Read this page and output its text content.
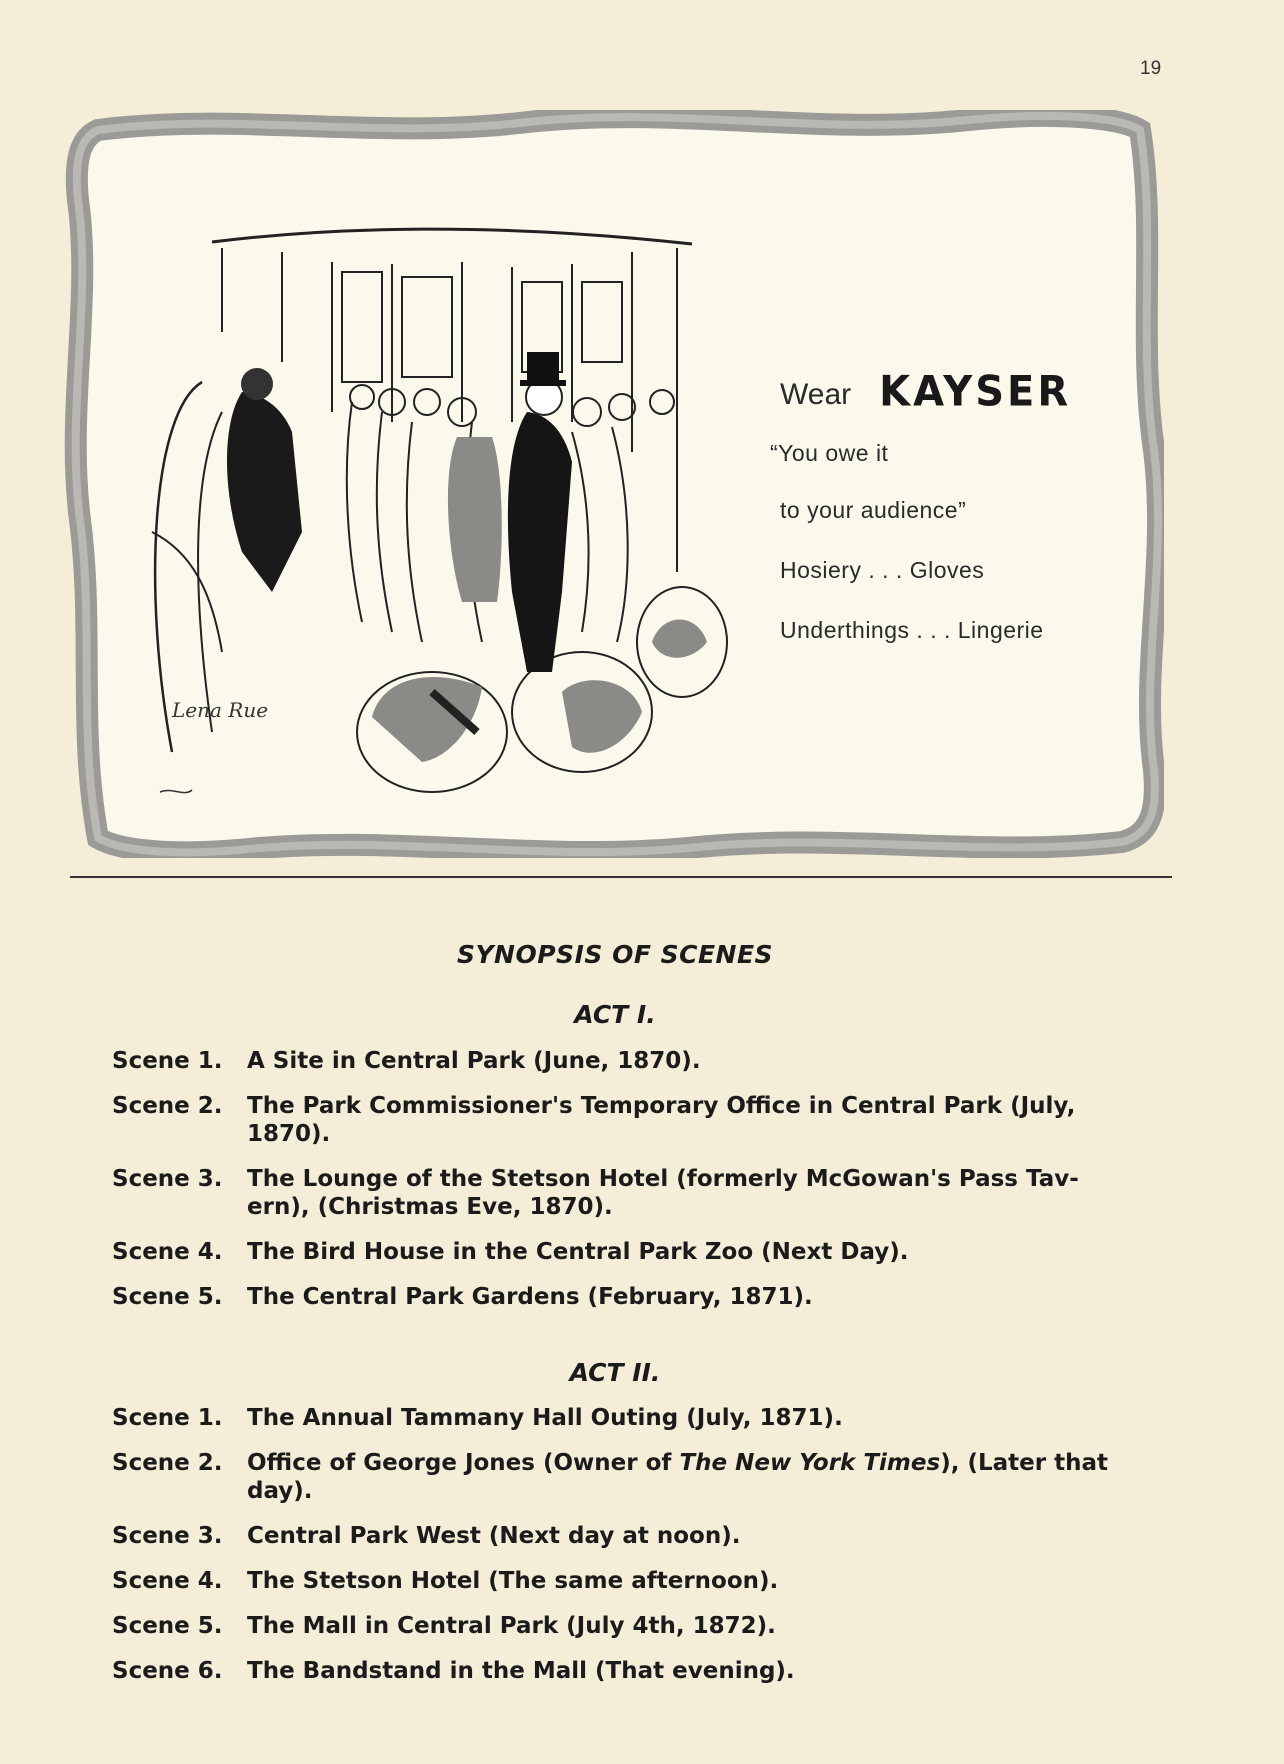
19
Lena Rue
Wear KAYSER
“You owe it
to your audience”
Hosiery . . . Gloves
Underthings . . . Lingerie
SYNOPSIS OF SCENES
ACT I.
Scene 1.	A Site in Central Park (June, 1870).
Scene 2.	The Park Commissioner's Temporary Office in Central Park (July, 1870).
Scene 3.	The Lounge of the Stetson Hotel (formerly McGowan's Pass Tav-ern), (Christmas Eve, 1870).
Scene 4.	The Bird House in the Central Park Zoo (Next Day).
Scene 5.	The Central Park Gardens (February, 1871).
ACT II.
Scene 1.	The Annual Tammany Hall Outing (July, 1871).
Scene 2.	Office of George Jones (Owner of The New York Times), (Later that day).
Scene 3.	Central Park West (Next day at noon).
Scene 4.	The Stetson Hotel (The same afternoon).
Scene 5.	The Mall in Central Park (July 4th, 1872).
Scene 6.	The Bandstand in the Mall (That evening).
